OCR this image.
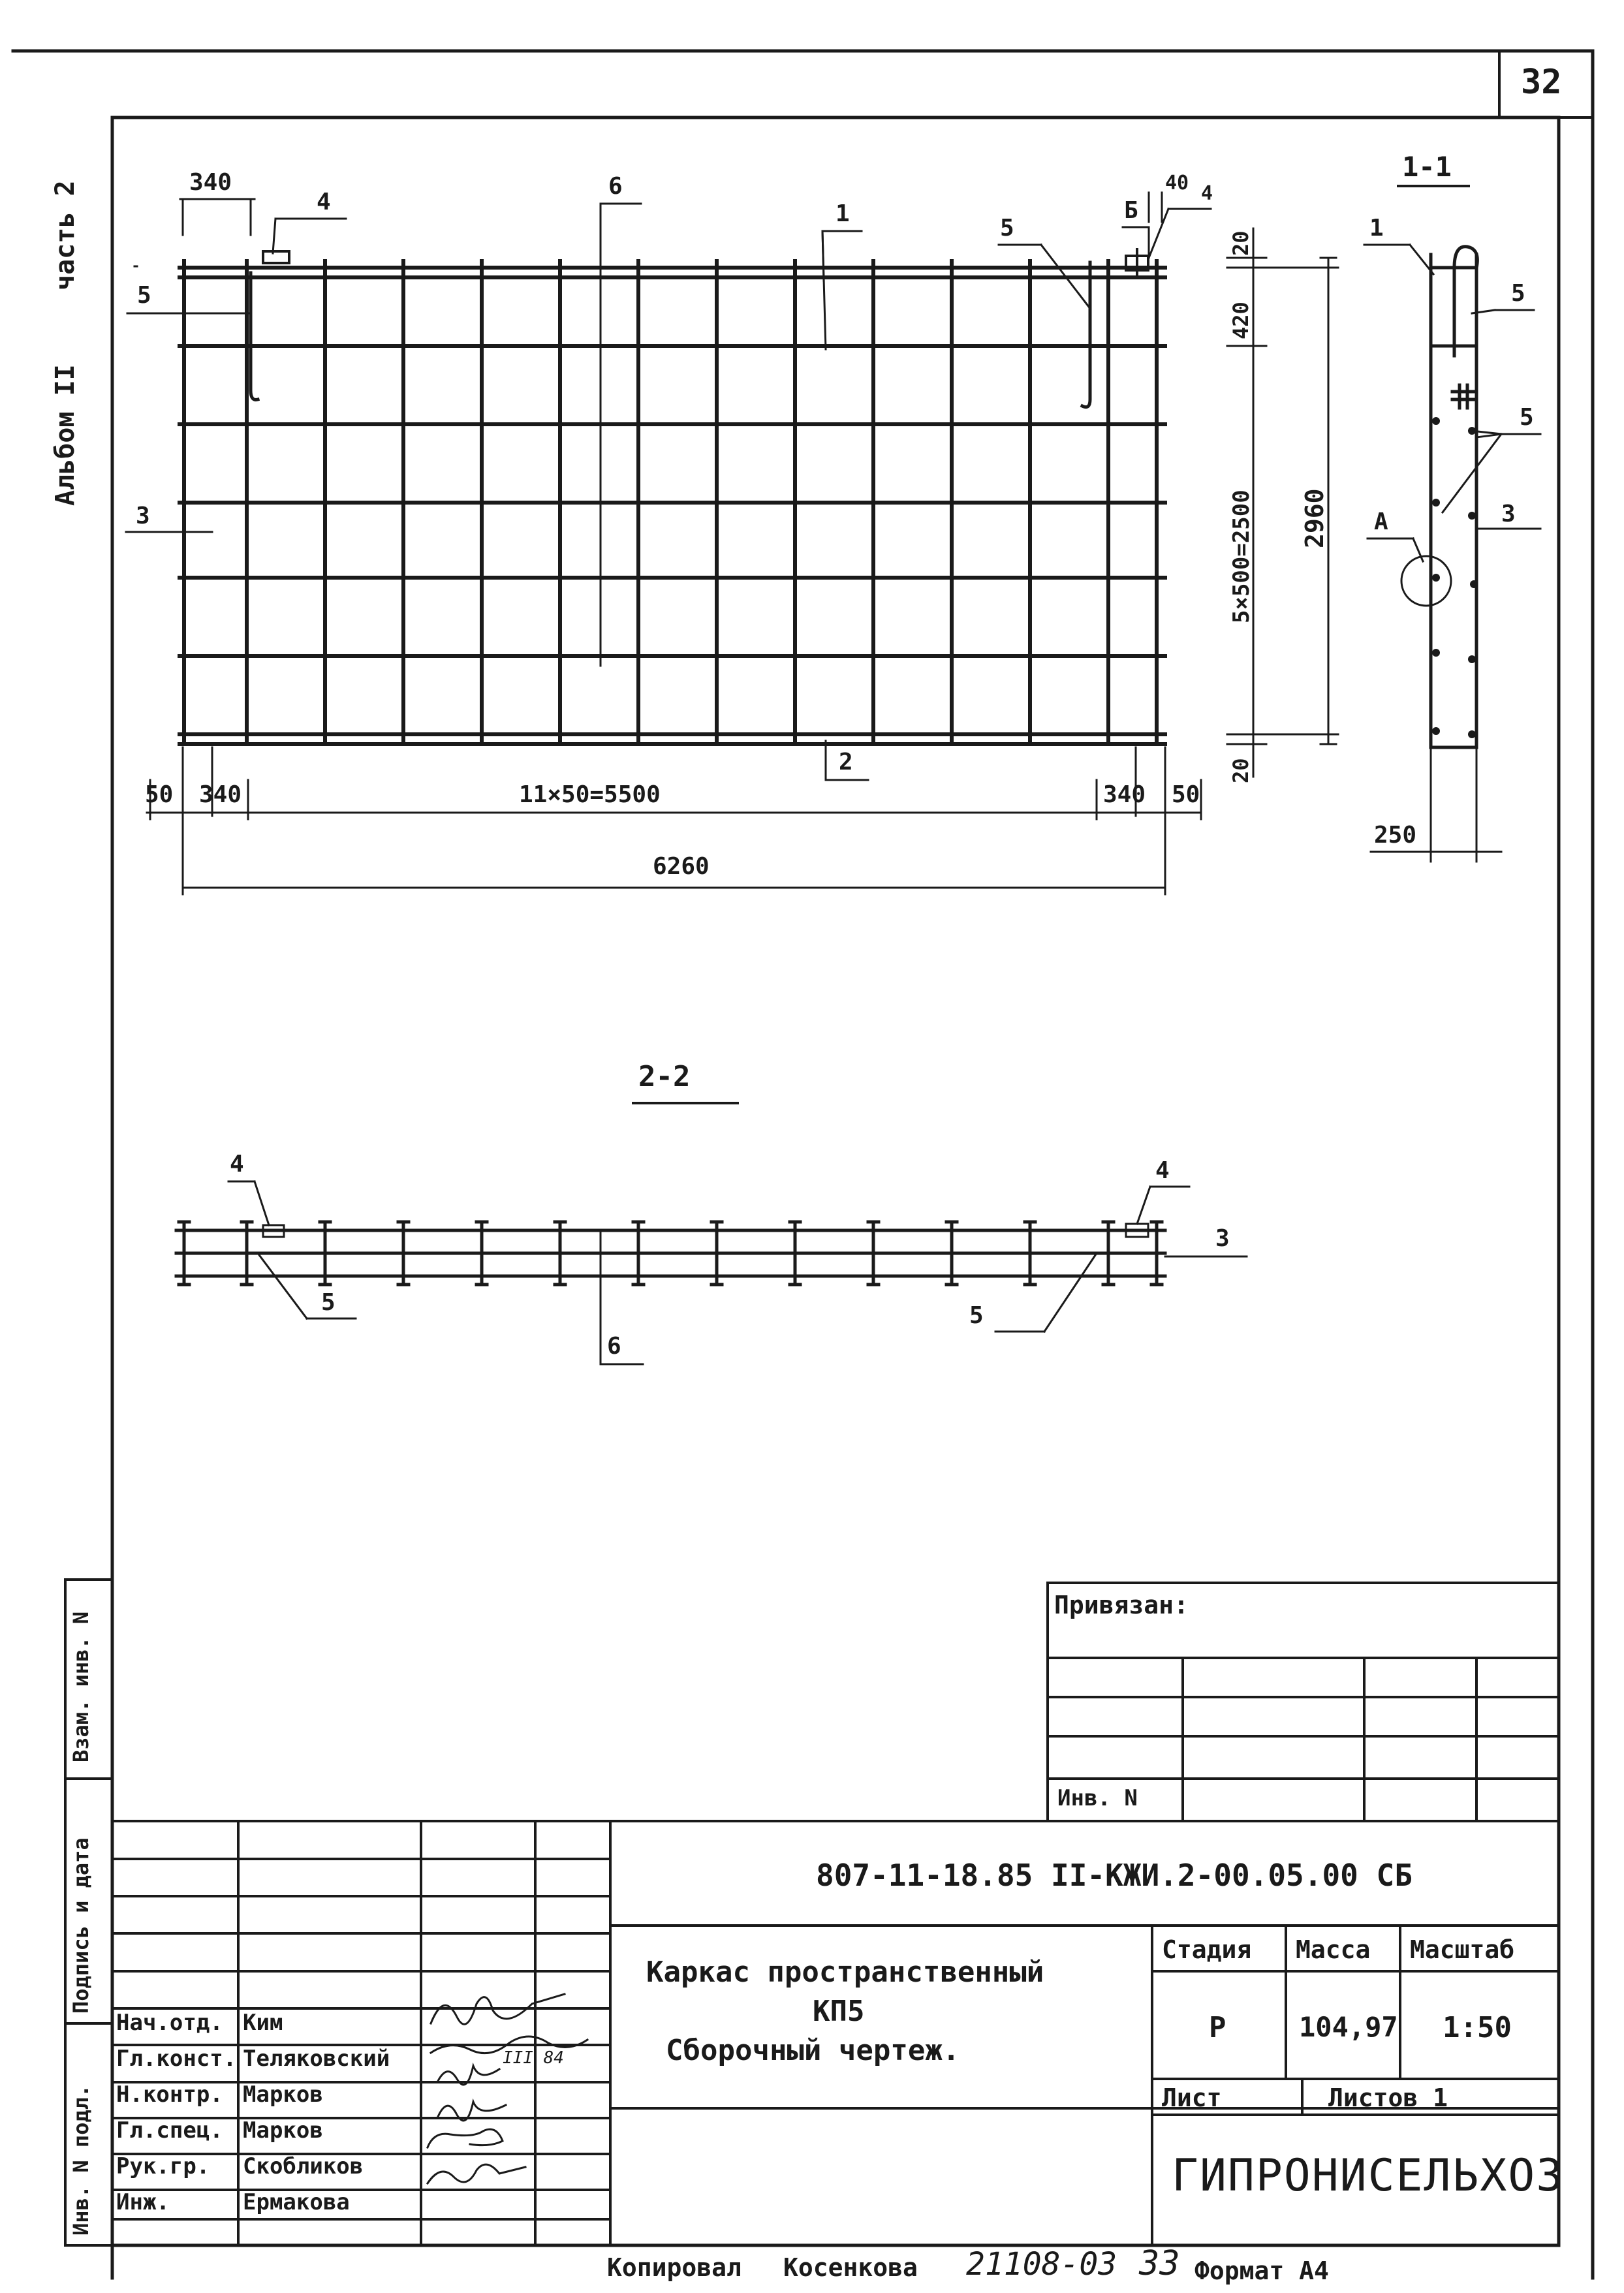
32
Альбом II
часть 2	340
4
6
1
5
Б
40 4
5
3
2
20
420
5×500=2500 2960
20
50 340	11×50=5500	340 50
6260
1-1
1
5
5
А	3
250
2-2
4	4
3
5	5
6
Инв. N подл.
Подпись и дата
Взам. инв. N
Привязан:
Инв. N
807-11-18.85 II-КЖИ.2-00.05.00 СБ
Каркас пространственный
КП5
Сборочный чертеж.
Стадия Масса Масштаб
Р	104,97 1:50
Лист	Листов 1
ГИПРОНИСЕЛЬХОЗ
III 84
Нач.отд. Ким
Гл.конст. Теляковский
Н.контр. Марков
Гл.спец. Марков
Рук.гр. Скобликов
Инж.	Ермакова
Копировал Косенкова 21108-03 33 Формат А4
